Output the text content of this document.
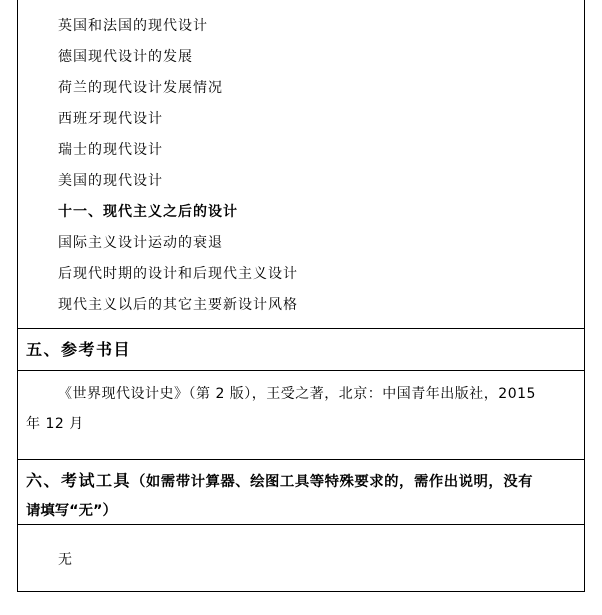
英国和法国的现代设计
德国现代设计的发展
荷兰的现代设计发展情况
西班牙现代设计
瑞士的现代设计
美国的现代设计
十一、现代主义之后的设计
国际主义设计运动的衰退
后现代时期的设计和后现代主义设计
现代主义以后的其它主要新设计风格
五、参考书目
《世界现代设计史》（第 2 版），王受之著，北京：中国青年出版社，2015
年 12 月
六、考试工具（如需带计算器、绘图工具等特殊要求的，需作出说明，没有
请填写“无”）
无
